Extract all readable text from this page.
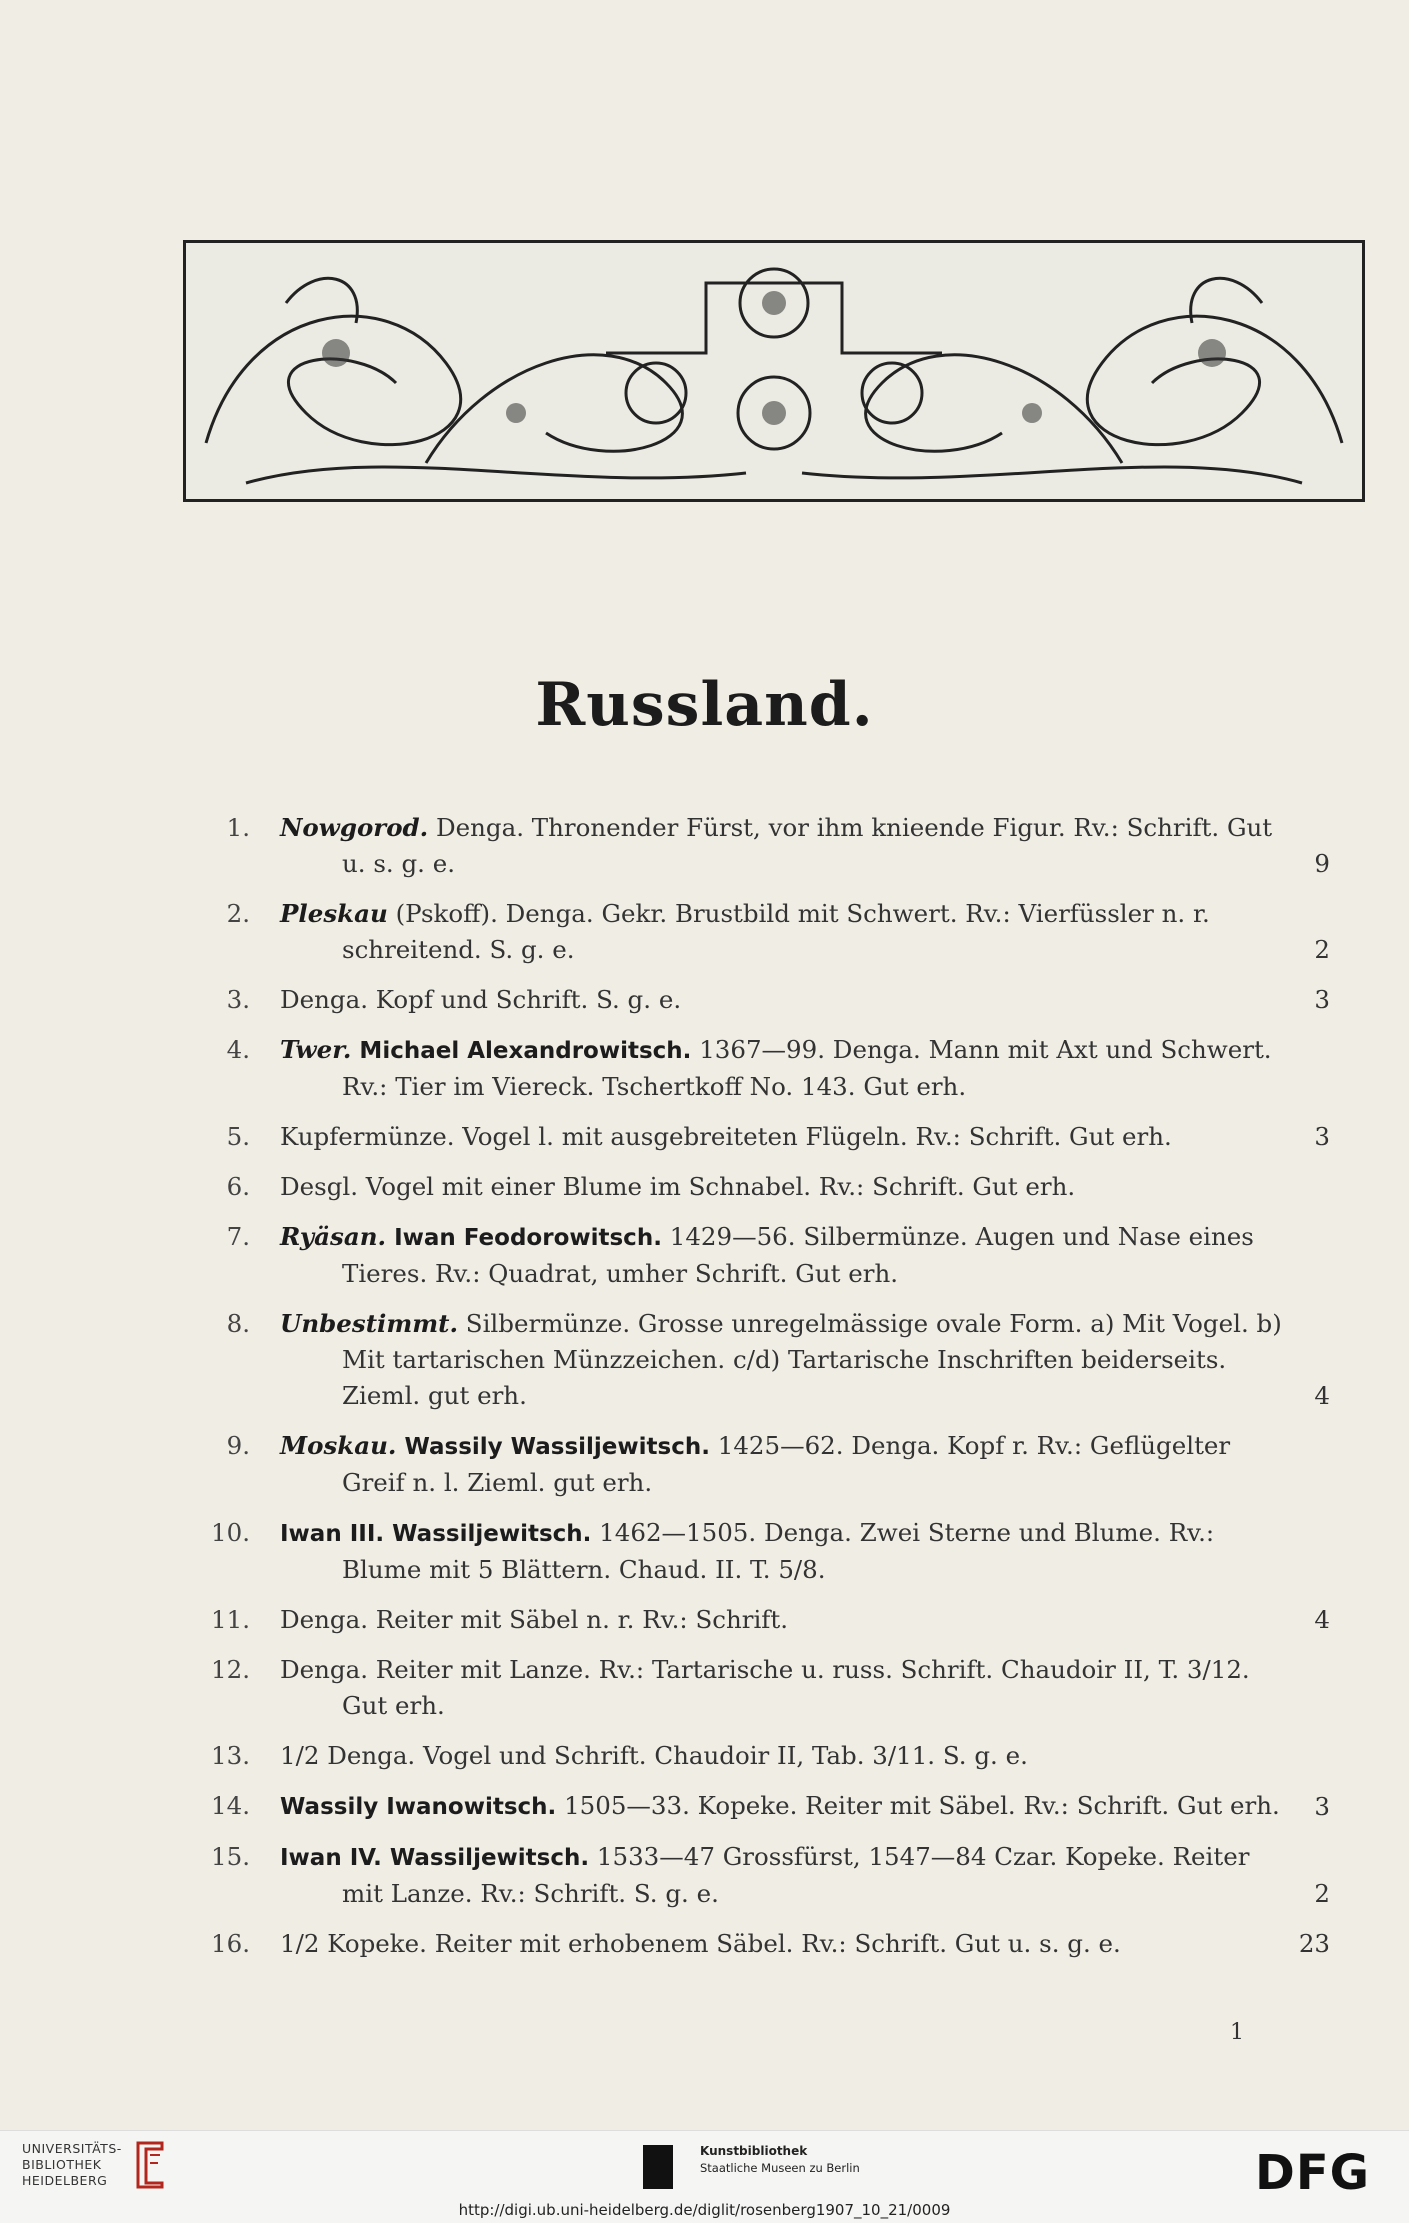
Russland.
1. Nowgorod. Denga. Thronender Fürst, vor ihm knieende Figur. Rv.: Schrift. Gut u. s. g. e.	9
2. Pleskau (Pskoff). Denga. Gekr. Brustbild mit Schwert. Rv.: Vierfüssler n. r. schreitend. S. g. e.	2
3. Denga. Kopf und Schrift. S. g. e.	3
4. Twer. Michael Alexandrowitsch. 1367—99. Denga. Mann mit Axt und Schwert. Rv.: Tier im Viereck. Tschertkoff No. 143. Gut erh.
5. Kupfermünze. Vogel l. mit ausgebreiteten Flügeln. Rv.: Schrift. Gut erh.	3
6. Desgl. Vogel mit einer Blume im Schnabel. Rv.: Schrift. Gut erh.
7. Ryäsan. Iwan Feodorowitsch. 1429—56. Silbermünze. Augen und Nase eines Tieres. Rv.: Quadrat, umher Schrift. Gut erh.
8. Unbestimmt. Silbermünze. Grosse unregelmässige ovale Form. a) Mit Vogel. b) Mit tartarischen Münzzeichen. c/d) Tartarische Inschriften beiderseits. Zieml. gut erh.	4
9. Moskau. Wassily Wassiljewitsch. 1425—62. Denga. Kopf r. Rv.: Geflügelter Greif n. l. Zieml. gut erh.
10. Iwan III. Wassiljewitsch. 1462—1505. Denga. Zwei Sterne und Blume. Rv.: Blume mit 5 Blättern. Chaud. II. T. 5/8.
11. Denga. Reiter mit Säbel n. r. Rv.: Schrift.	4
12. Denga. Reiter mit Lanze. Rv.: Tartarische u. russ. Schrift. Chaudoir II, T. 3/12. Gut erh.
13. 1/2 Denga. Vogel und Schrift. Chaudoir II, Tab. 3/11. S. g. e.
14. Wassily Iwanowitsch. 1505—33. Kopeke. Reiter mit Säbel. Rv.: Schrift. Gut erh.	3
15. Iwan IV. Wassiljewitsch. 1533—47 Grossfürst, 1547—84 Czar. Kopeke. Reiter mit Lanze. Rv.: Schrift. S. g. e.	2
16. 1/2 Kopeke. Reiter mit erhobenem Säbel. Rv.: Schrift. Gut u. s. g. e.	23
1
UNIVERSITÄTS-
BIBLIOTHEK
HEIDELBERG
Kunstbibliothek
Staatliche Museen zu Berlin	DFG
http://digi.ub.uni-heidelberg.de/diglit/rosenberg1907_10_21/0009
